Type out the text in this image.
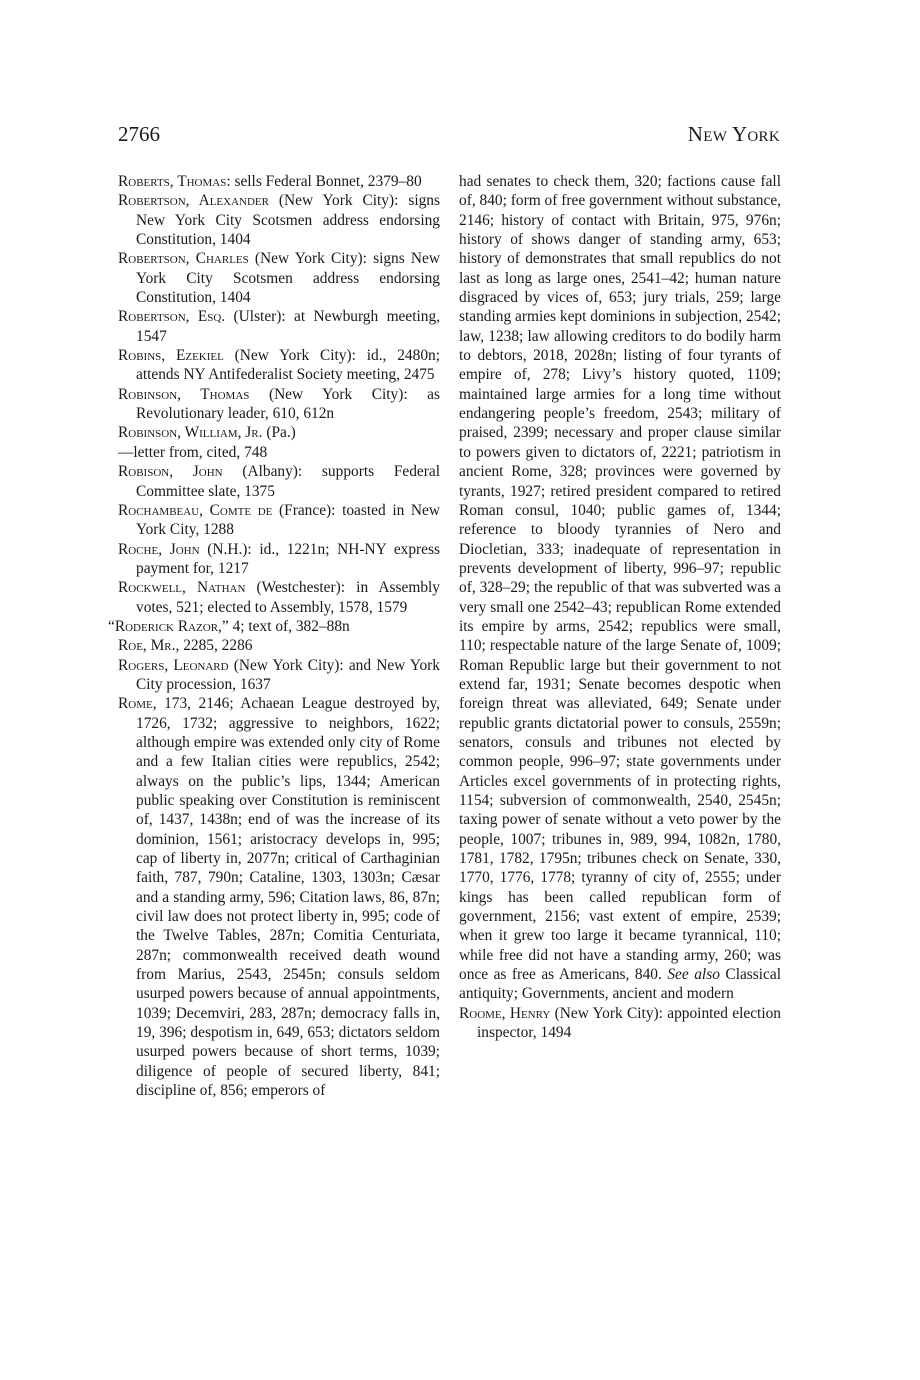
2766	New York
Roberts, Thomas: sells Federal Bonnet, 2379–80
Robertson, Alexander (New York City): signs New York City Scotsmen address endorsing Constitution, 1404
Robertson, Charles (New York City): signs New York City Scotsmen address endorsing Constitution, 1404
Robertson, Esq. (Ulster): at Newburgh meeting, 1547
Robins, Ezekiel (New York City): id., 2480n; attends NY Antifederalist Society meeting, 2475
Robinson, Thomas (New York City): as Revolutionary leader, 610, 612n
Robinson, William, Jr. (Pa.)
—letter from, cited, 748
Robison, John (Albany): supports Federal Committee slate, 1375
Rochambeau, Comte de (France): toasted in New York City, 1288
Roche, John (N.H.): id., 1221n; NH-NY express payment for, 1217
Rockwell, Nathan (Westchester): in Assembly votes, 521; elected to Assembly, 1578, 1579
“Roderick Razor,” 4; text of, 382–88n
Roe, Mr., 2285, 2286
Rogers, Leonard (New York City): and New York City procession, 1637
Rome, 173, 2146; Achaean League destroyed by, 1726, 1732; aggressive to neighbors, 1622; although empire was extended only city of Rome and a few Italian cities were republics, 2542; always on the public’s lips, 1344; American public speaking over Constitution is reminiscent of, 1437, 1438n; end of was the increase of its dominion, 1561; aristocracy develops in, 995; cap of liberty in, 2077n; critical of Carthaginian faith, 787, 790n; Cataline, 1303, 1303n; Cæsar and a standing army, 596; Citation laws, 86, 87n; civil law does not protect liberty in, 995; code of the Twelve Tables, 287n; Comitia Centuriata, 287n; commonwealth received death wound from Marius, 2543, 2545n; consuls seldom usurped powers because of annual appointments, 1039; Decemviri, 283, 287n; democracy falls in, 19, 396; despotism in, 649, 653; dictators seldom usurped powers because of short terms, 1039; diligence of people of secured liberty, 841; discipline of, 856; emperors of
had senates to check them, 320; factions cause fall of, 840; form of free government without substance, 2146; history of contact with Britain, 975, 976n; history of shows danger of standing army, 653; history of demonstrates that small republics do not last as long as large ones, 2541–42; human nature disgraced by vices of, 653; jury trials, 259; large standing armies kept dominions in subjection, 2542; law, 1238; law allowing creditors to do bodily harm to debtors, 2018, 2028n; listing of four tyrants of empire of, 278; Livy’s history quoted, 1109; maintained large armies for a long time without endangering people’s freedom, 2543; military of praised, 2399; necessary and proper clause similar to powers given to dictators of, 2221; patriotism in ancient Rome, 328; provinces were governed by tyrants, 1927; retired president compared to retired Roman consul, 1040; public games of, 1344; reference to bloody tyrannies of Nero and Diocletian, 333; inadequate of representation in prevents development of liberty, 996–97; republic of, 328–29; the republic of that was subverted was a very small one 2542–43; republican Rome extended its empire by arms, 2542; republics were small, 110; respectable nature of the large Senate of, 1009; Roman Republic large but their government to not extend far, 1931; Senate becomes despotic when foreign threat was alleviated, 649; Senate under republic grants dictatorial power to consuls, 2559n; senators, consuls and tribunes not elected by common people, 996–97; state governments under Articles excel governments of in protecting rights, 1154; subversion of commonwealth, 2540, 2545n; taxing power of senate without a veto power by the people, 1007; tribunes in, 989, 994, 1082n, 1780, 1781, 1782, 1795n; tribunes check on Senate, 330, 1770, 1776, 1778; tyranny of city of, 2555; under kings has been called republican form of government, 2156; vast extent of empire, 2539; when it grew too large it became tyrannical, 110; while free did not have a standing army, 260; was once as free as Americans, 840. See also Classical antiquity; Governments, ancient and modern
Roome, Henry (New York City): appointed election inspector, 1494
